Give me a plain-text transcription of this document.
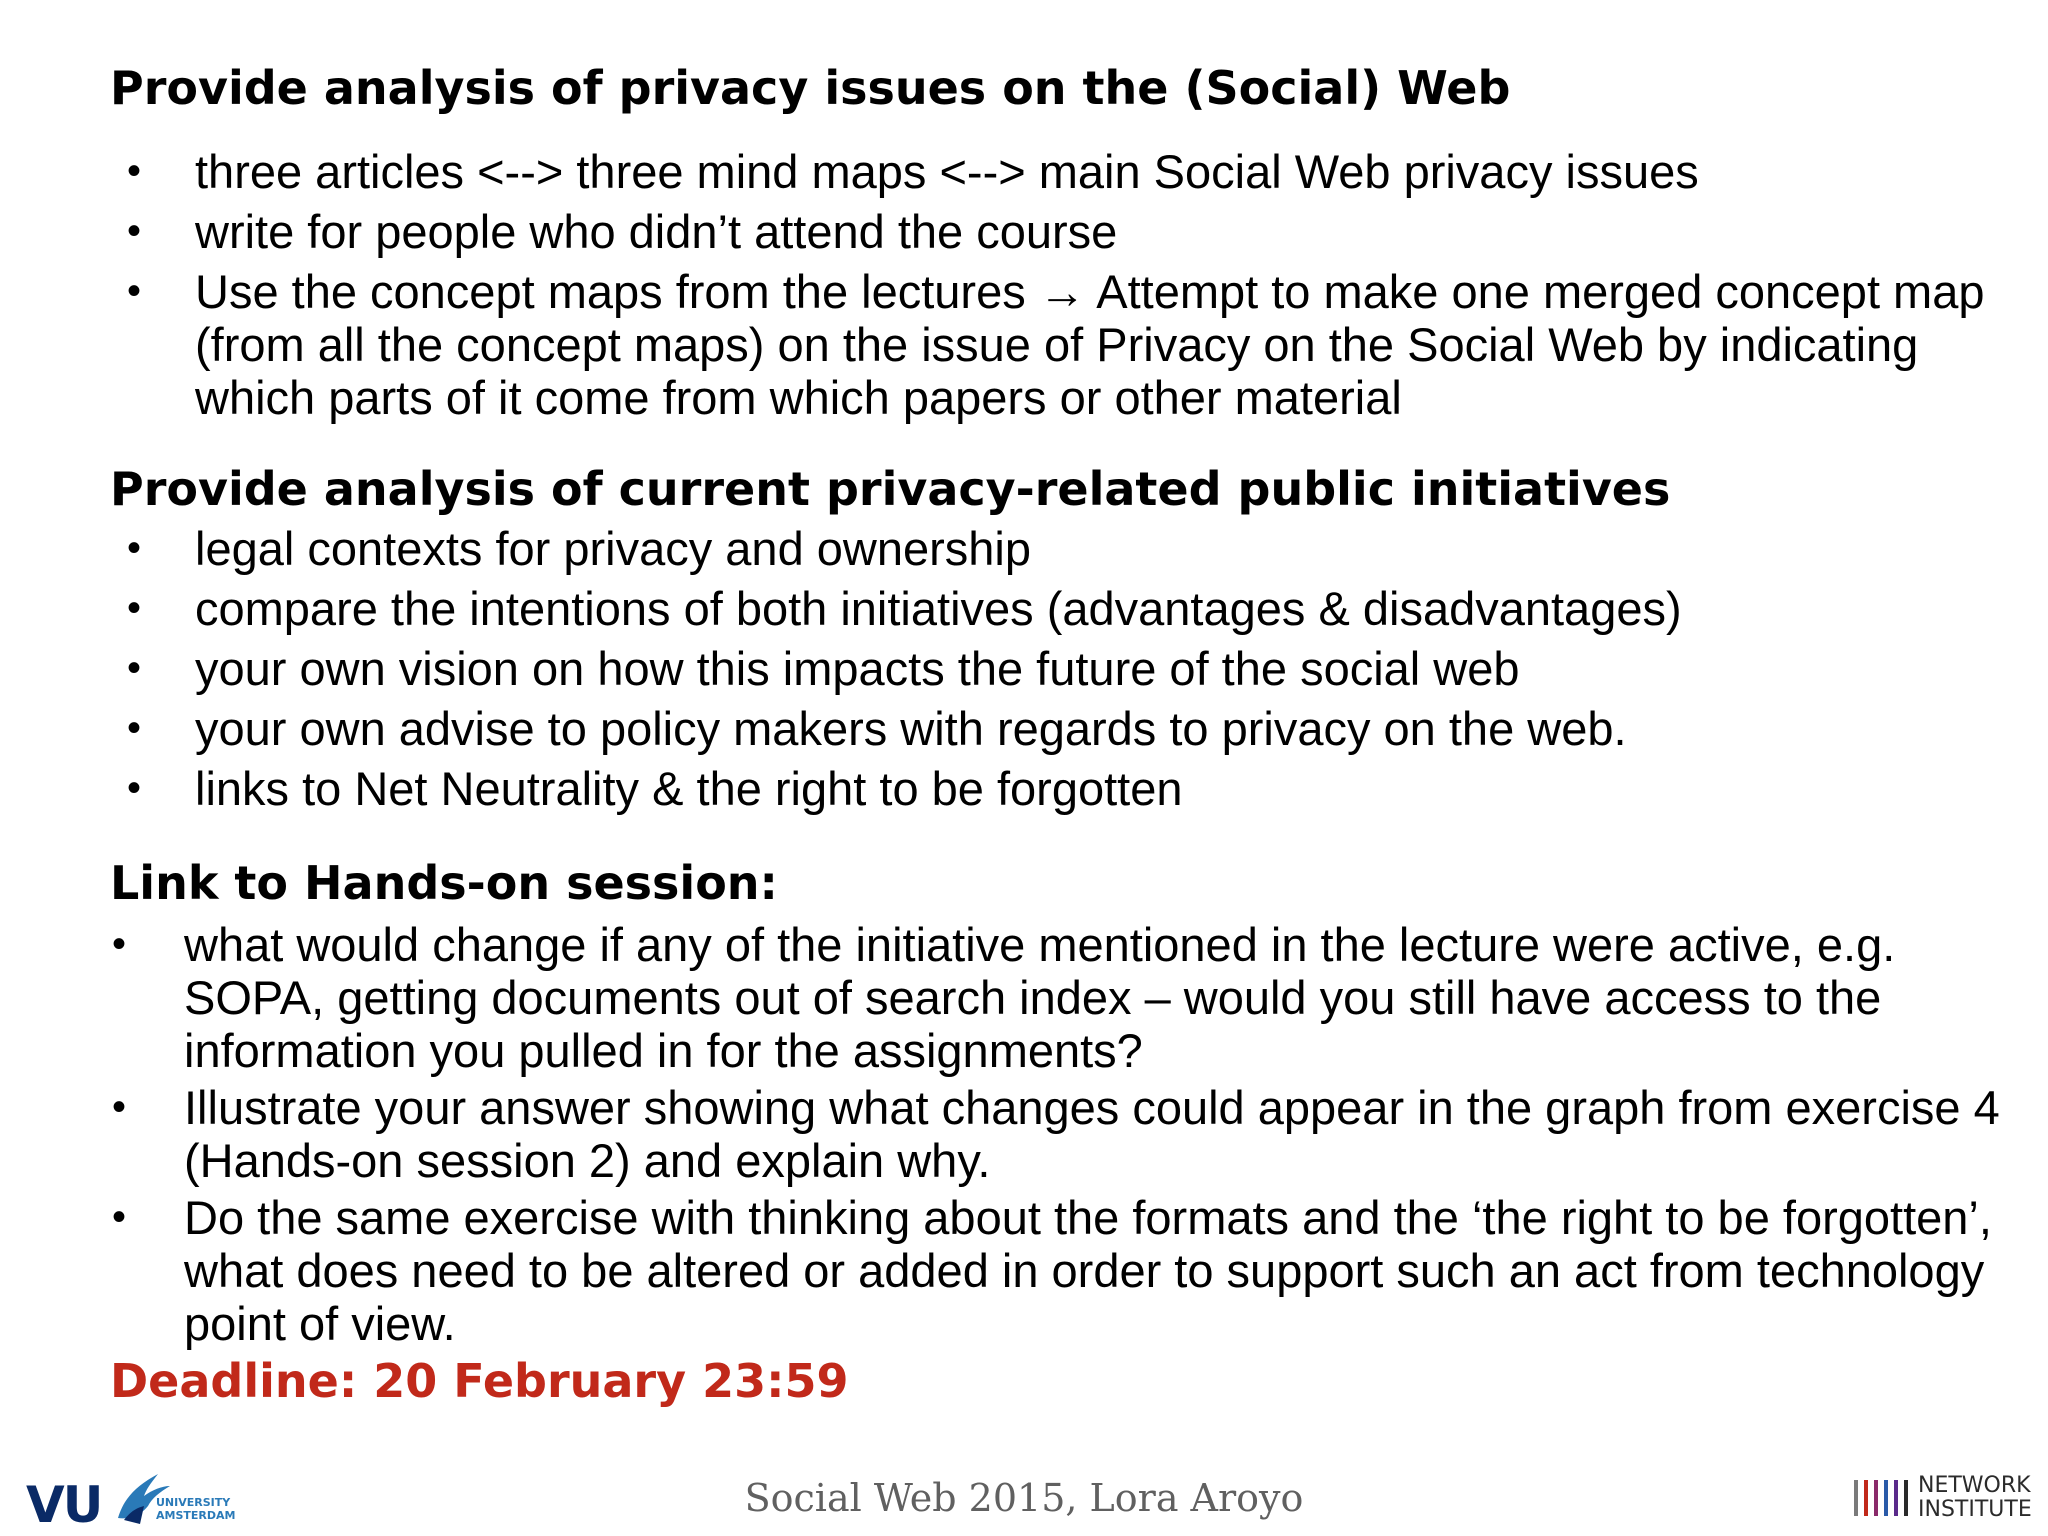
Provide analysis of privacy issues on the (Social) Web
• three articles <--> three mind maps <--> main Social Web privacy issues
• write for people who didn’t attend the course
• Use the concept maps from the lectures → Attempt to make one merged concept map (from all the concept maps) on the issue of Privacy on the Social Web by indicating which parts of it come from which papers or other material
Provide analysis of current privacy-related public initiatives
• legal contexts for privacy and ownership
• compare the intentions of both initiatives (advantages & disadvantages)
• your own vision on how this impacts the future of the social web
• your own advise to policy makers with regards to privacy on the web.
• links to Net Neutrality & the right to be forgotten
Link to Hands-on session:
• what would change if any of the initiative mentioned in the lecture were active, e.g. SOPA, getting documents out of search index – would you still have access to the information you pulled in for the assignments?
• Illustrate your answer showing what changes could appear in the graph from exercise 4 (Hands-on session 2) and explain why.
• Do the same exercise with thinking about the formats and the ‘the right to be forgotten’, what does need to be altered or added in order to support such an act from technology point of view.

Deadline: 20 February 23:59

VU	UNIVERSITY
AMSTERDAM	Social Web 2015, Lora Aroyo	NETWORK
INSTITUTE
